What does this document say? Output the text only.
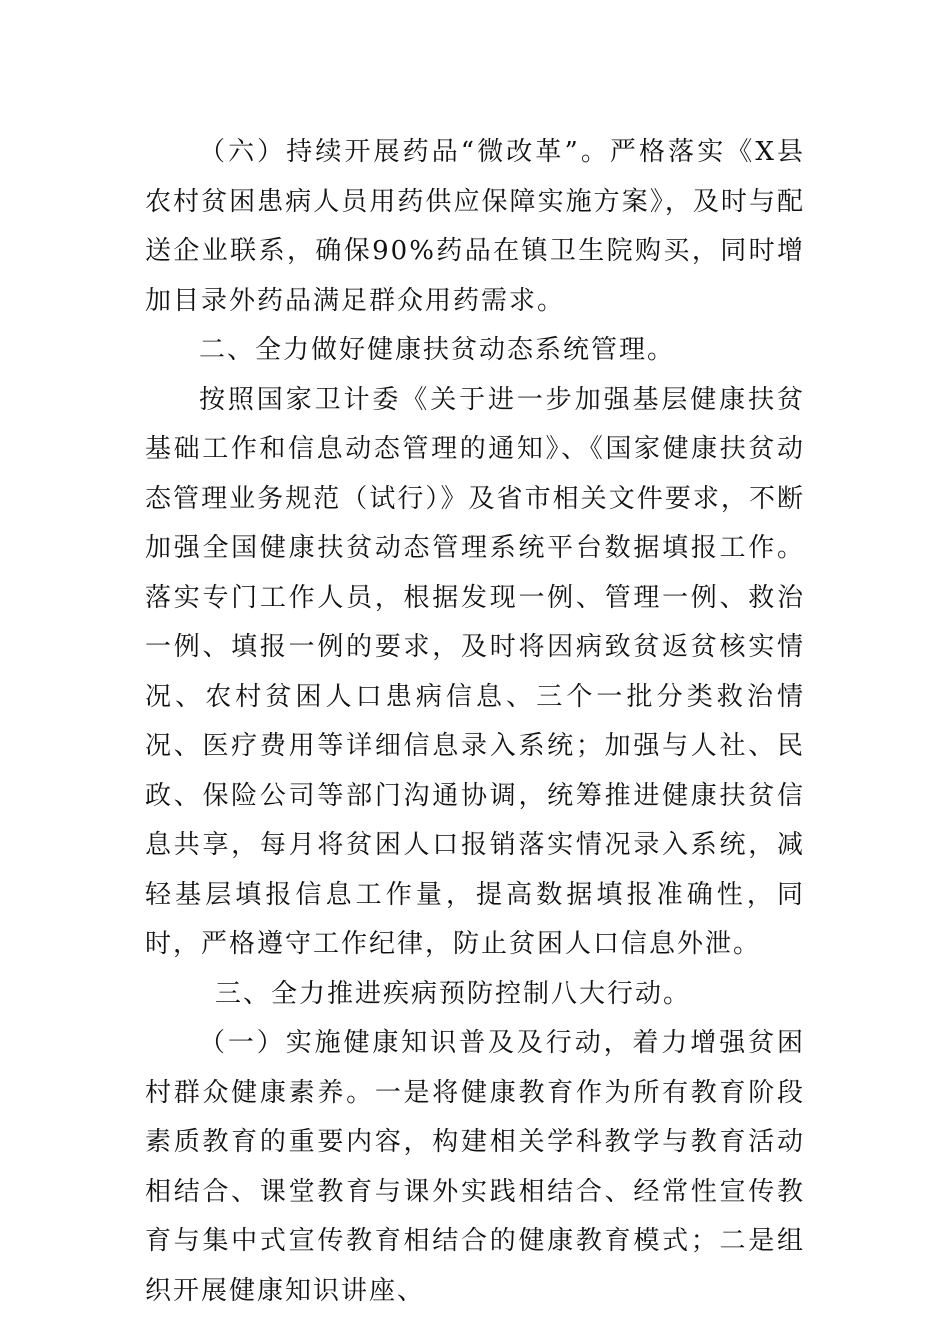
（六）持续开展药品“微改革”。严格落实《X县农村贫困患病人员用药供应保障实施方案》，及时与配送企业联系，确保90%药品在镇卫生院购买，同时增加目录外药品满足群众用药需求。

二、全力做好健康扶贫动态系统管理。

按照国家卫计委《关于进一步加强基层健康扶贫基础工作和信息动态管理的通知》、《国家健康扶贫动态管理业务规范（试行）》及省市相关文件要求，不断加强全国健康扶贫动态管理系统平台数据填报工作。落实专门工作人员，根据发现一例、管理一例、救治一例、填报一例的要求，及时将因病致贫返贫核实情况、农村贫困人口患病信息、三个一批分类救治情况、医疗费用等详细信息录入系统；加强与人社、民政、保险公司等部门沟通协调，统筹推进健康扶贫信息共享，每月将贫困人口报销落实情况录入系统，减轻基层填报信息工作量，提高数据填报准确性，同时，严格遵守工作纪律，防止贫困人口信息外泄。

三、全力推进疾病预防控制八大行动。

（一）实施健康知识普及及行动，着力增强贫困村群众健康素养。一是将健康教育作为所有教育阶段素质教育的重要内容，构建相关学科教学与教育活动相结合、课堂教育与课外实践相结合、经常性宣传教育与集中式宣传教育相结合的健康教育模式；二是组织开展健康知识讲座、
